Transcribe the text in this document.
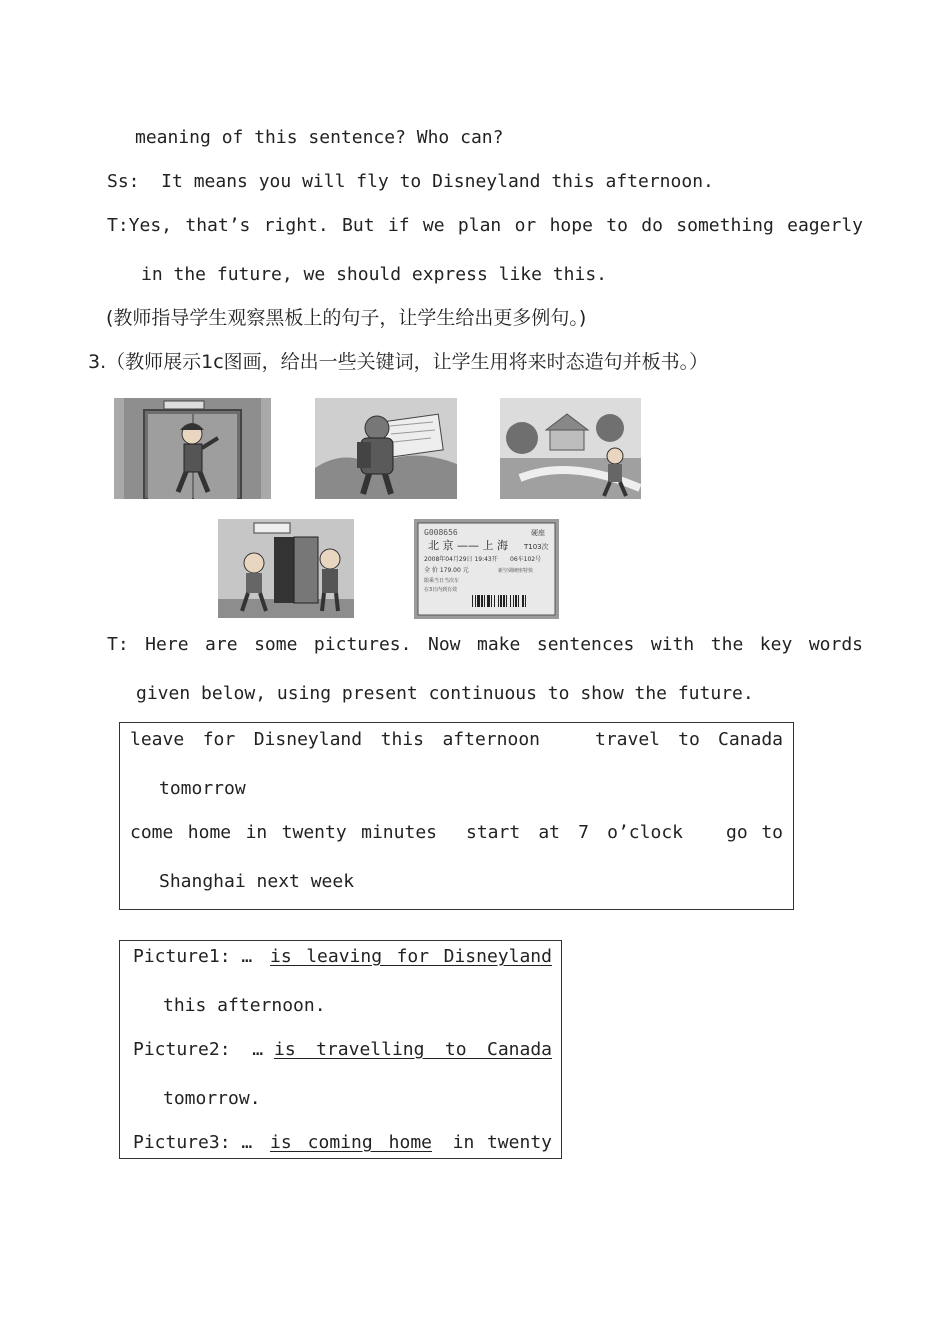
meaning of this sentence? Who can?
Ss:  It means you will fly to Disneyland this afternoon.
T:Yes, that’s right. But if we plan or hope to do something eagerly
in the future, we should express like this.
(教师指导学生观察黑板上的句子，让学生给出更多例句。)
3.（教师展示1c图画，给出一些关键词，让学生用将来时态造句并板书。）
G008656	硬座
北 京 —— 上 海 T103次
2008年04月29日 19:43开 06车102号
全 价 179.00 元	新空调硬座特快
限乘当日当次车
在3日内到有效
T: Here are some pictures. Now make sentences with the key words
given below, using present continuous to show the future.
leave for Disneyland this afternoon	travel to Canada
tomorrow
come home in twenty minutes start at 7 o’clock go to
Shanghai next week
Picture1: … is leaving for Disneyland
this afternoon.
Picture2:  … is travelling to Canada
tomorrow.
Picture3: … is coming home in twenty
